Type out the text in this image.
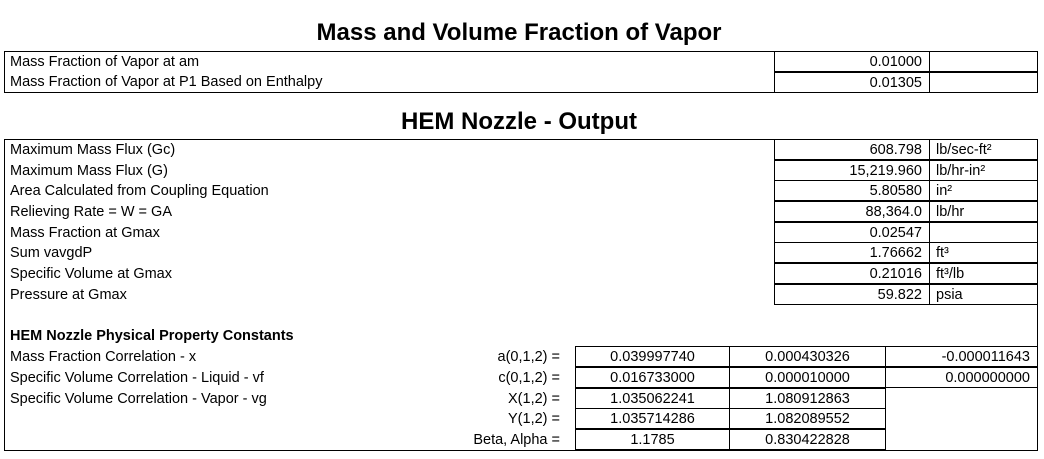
Mass and Volume Fraction of Vapor
Mass Fraction of Vapor at am	0.01000
Mass Fraction of Vapor at P1 Based on Enthalpy	0.01305
HEM Nozzle - Output
Maximum Mass Flux (Gc)	608.798 lb/sec-ft²
Maximum Mass Flux (G)	15,219.960 lb/hr-in²
Area Calculated from Coupling Equation	5.80580 in²
Relieving Rate = W = GA	88,364.0 lb/hr
Mass Fraction at Gmax	0.02547
Sum vavgdP	1.76662 ft³
Specific Volume at Gmax	0.21016 ft³/lb
Pressure at Gmax	59.822 psia
HEM Nozzle Physical Property Constants
Mass Fraction Correlation - x	a(0,1,2) =	0.039997740	0.000430326	-0.000011643
Specific Volume Correlation - Liquid - vf	c(0,1,2) =	0.016733000	0.000010000	0.000000000
Specific Volume Correlation - Vapor - vg	X(1,2) =	1.035062241	1.080912863
Y(1,2) =	1.035714286	1.082089552
Beta, Alpha =	1.1785	0.830422828
